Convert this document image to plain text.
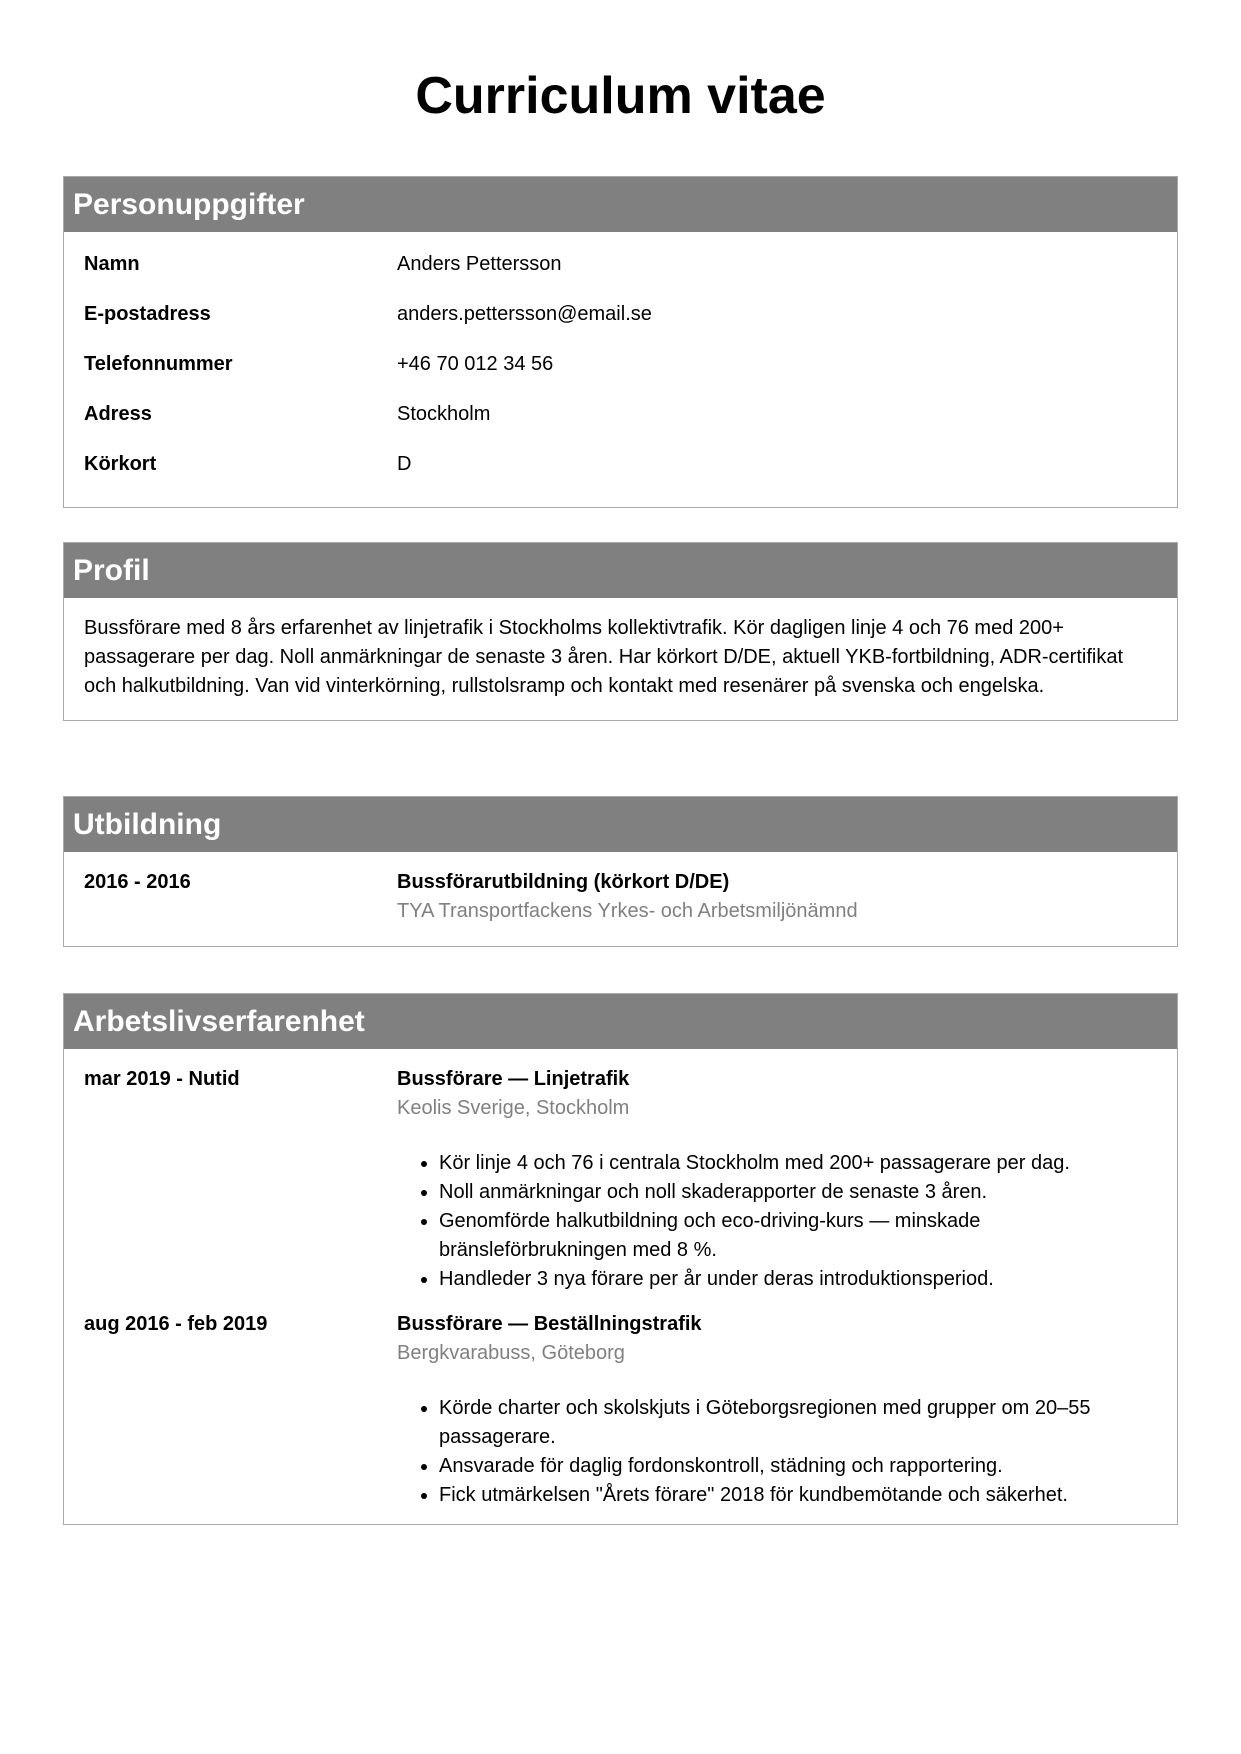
Curriculum vitae
Personuppgifter
Namn	Anders Pettersson
E-postadress	anders.pettersson@email.se
Telefonnummer	+46 70 012 34 56
Adress	Stockholm
Körkort	D
Profil

Bussförare med 8 års erfarenhet av linjetrafik i Stockholms kollektivtrafik. Kör dagligen linje 4 och 76 med 200+ passagerare per dag. Noll anmärkningar de senaste 3 åren. Har körkort D/DE, aktuell YKB-fortbildning, ADR-certifikat och halkutbildning. Van vid vinterkörning, rullstolsramp och kontakt med resenärer på svenska och engelska.

Utbildning
2016 - 2016	Bussförarutbildning (körkort D/DE)
TYA Transportfackens Yrkes- och Arbetsmiljönämnd
Arbetslivserfarenhet
mar 2019 - Nutid	Bussförare — Linjetrafik
Keolis Sverige, Stockholm
• Kör linje 4 och 76 i centrala Stockholm med 200+ passagerare per dag.
• Noll anmärkningar och noll skaderapporter de senaste 3 åren.
• Genomförde halkutbildning och eco-driving-kurs — minskade bränsleförbrukningen med 8 %.
• Handleder 3 nya förare per år under deras introduktionsperiod.
aug 2016 - feb 2019	Bussförare — Beställningstrafik
Bergkvarabuss, Göteborg
• Körde charter och skolskjuts i Göteborgsregionen med grupper om 20–55 passagerare.
• Ansvarade för daglig fordonskontroll, städning och rapportering.
• Fick utmärkelsen "Årets förare" 2018 för kundbemötande och säkerhet.
